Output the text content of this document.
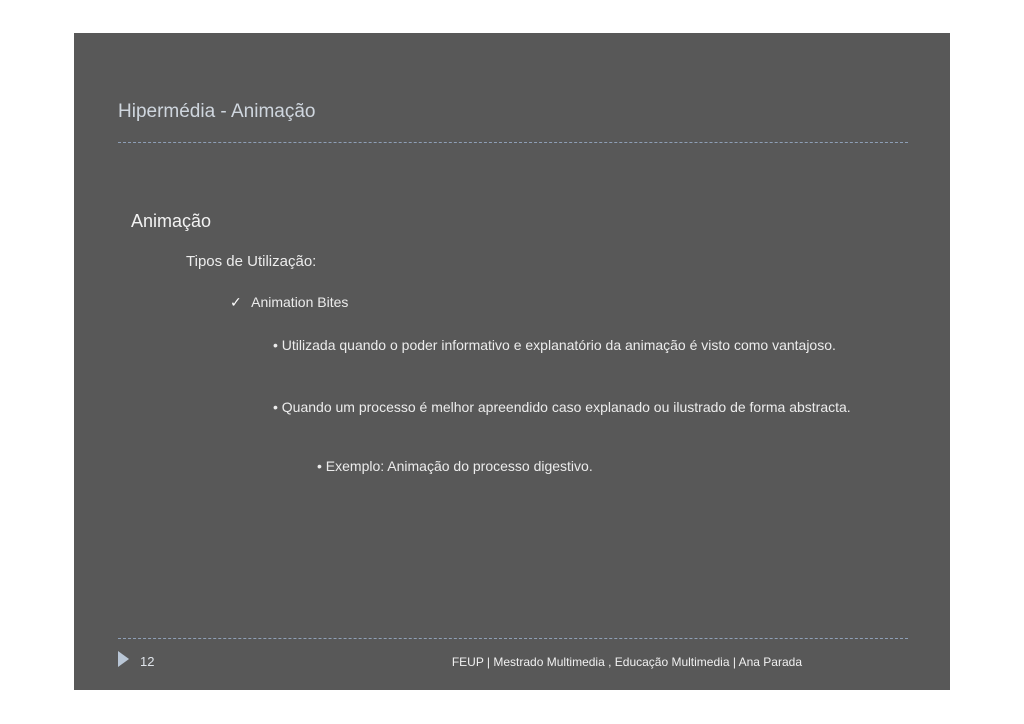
Hipermédia - Animação
Animação
Tipos de Utilização:
✓ Animation Bites
• Utilizada quando o poder informativo e explanatório da animação é visto como vantajoso.
• Quando um processo é melhor apreendido caso explanado ou ilustrado de forma abstracta.
• Exemplo: Animação do processo digestivo.
12	FEUP | Mestrado Multimedia , Educação Multimedia | Ana Parada
